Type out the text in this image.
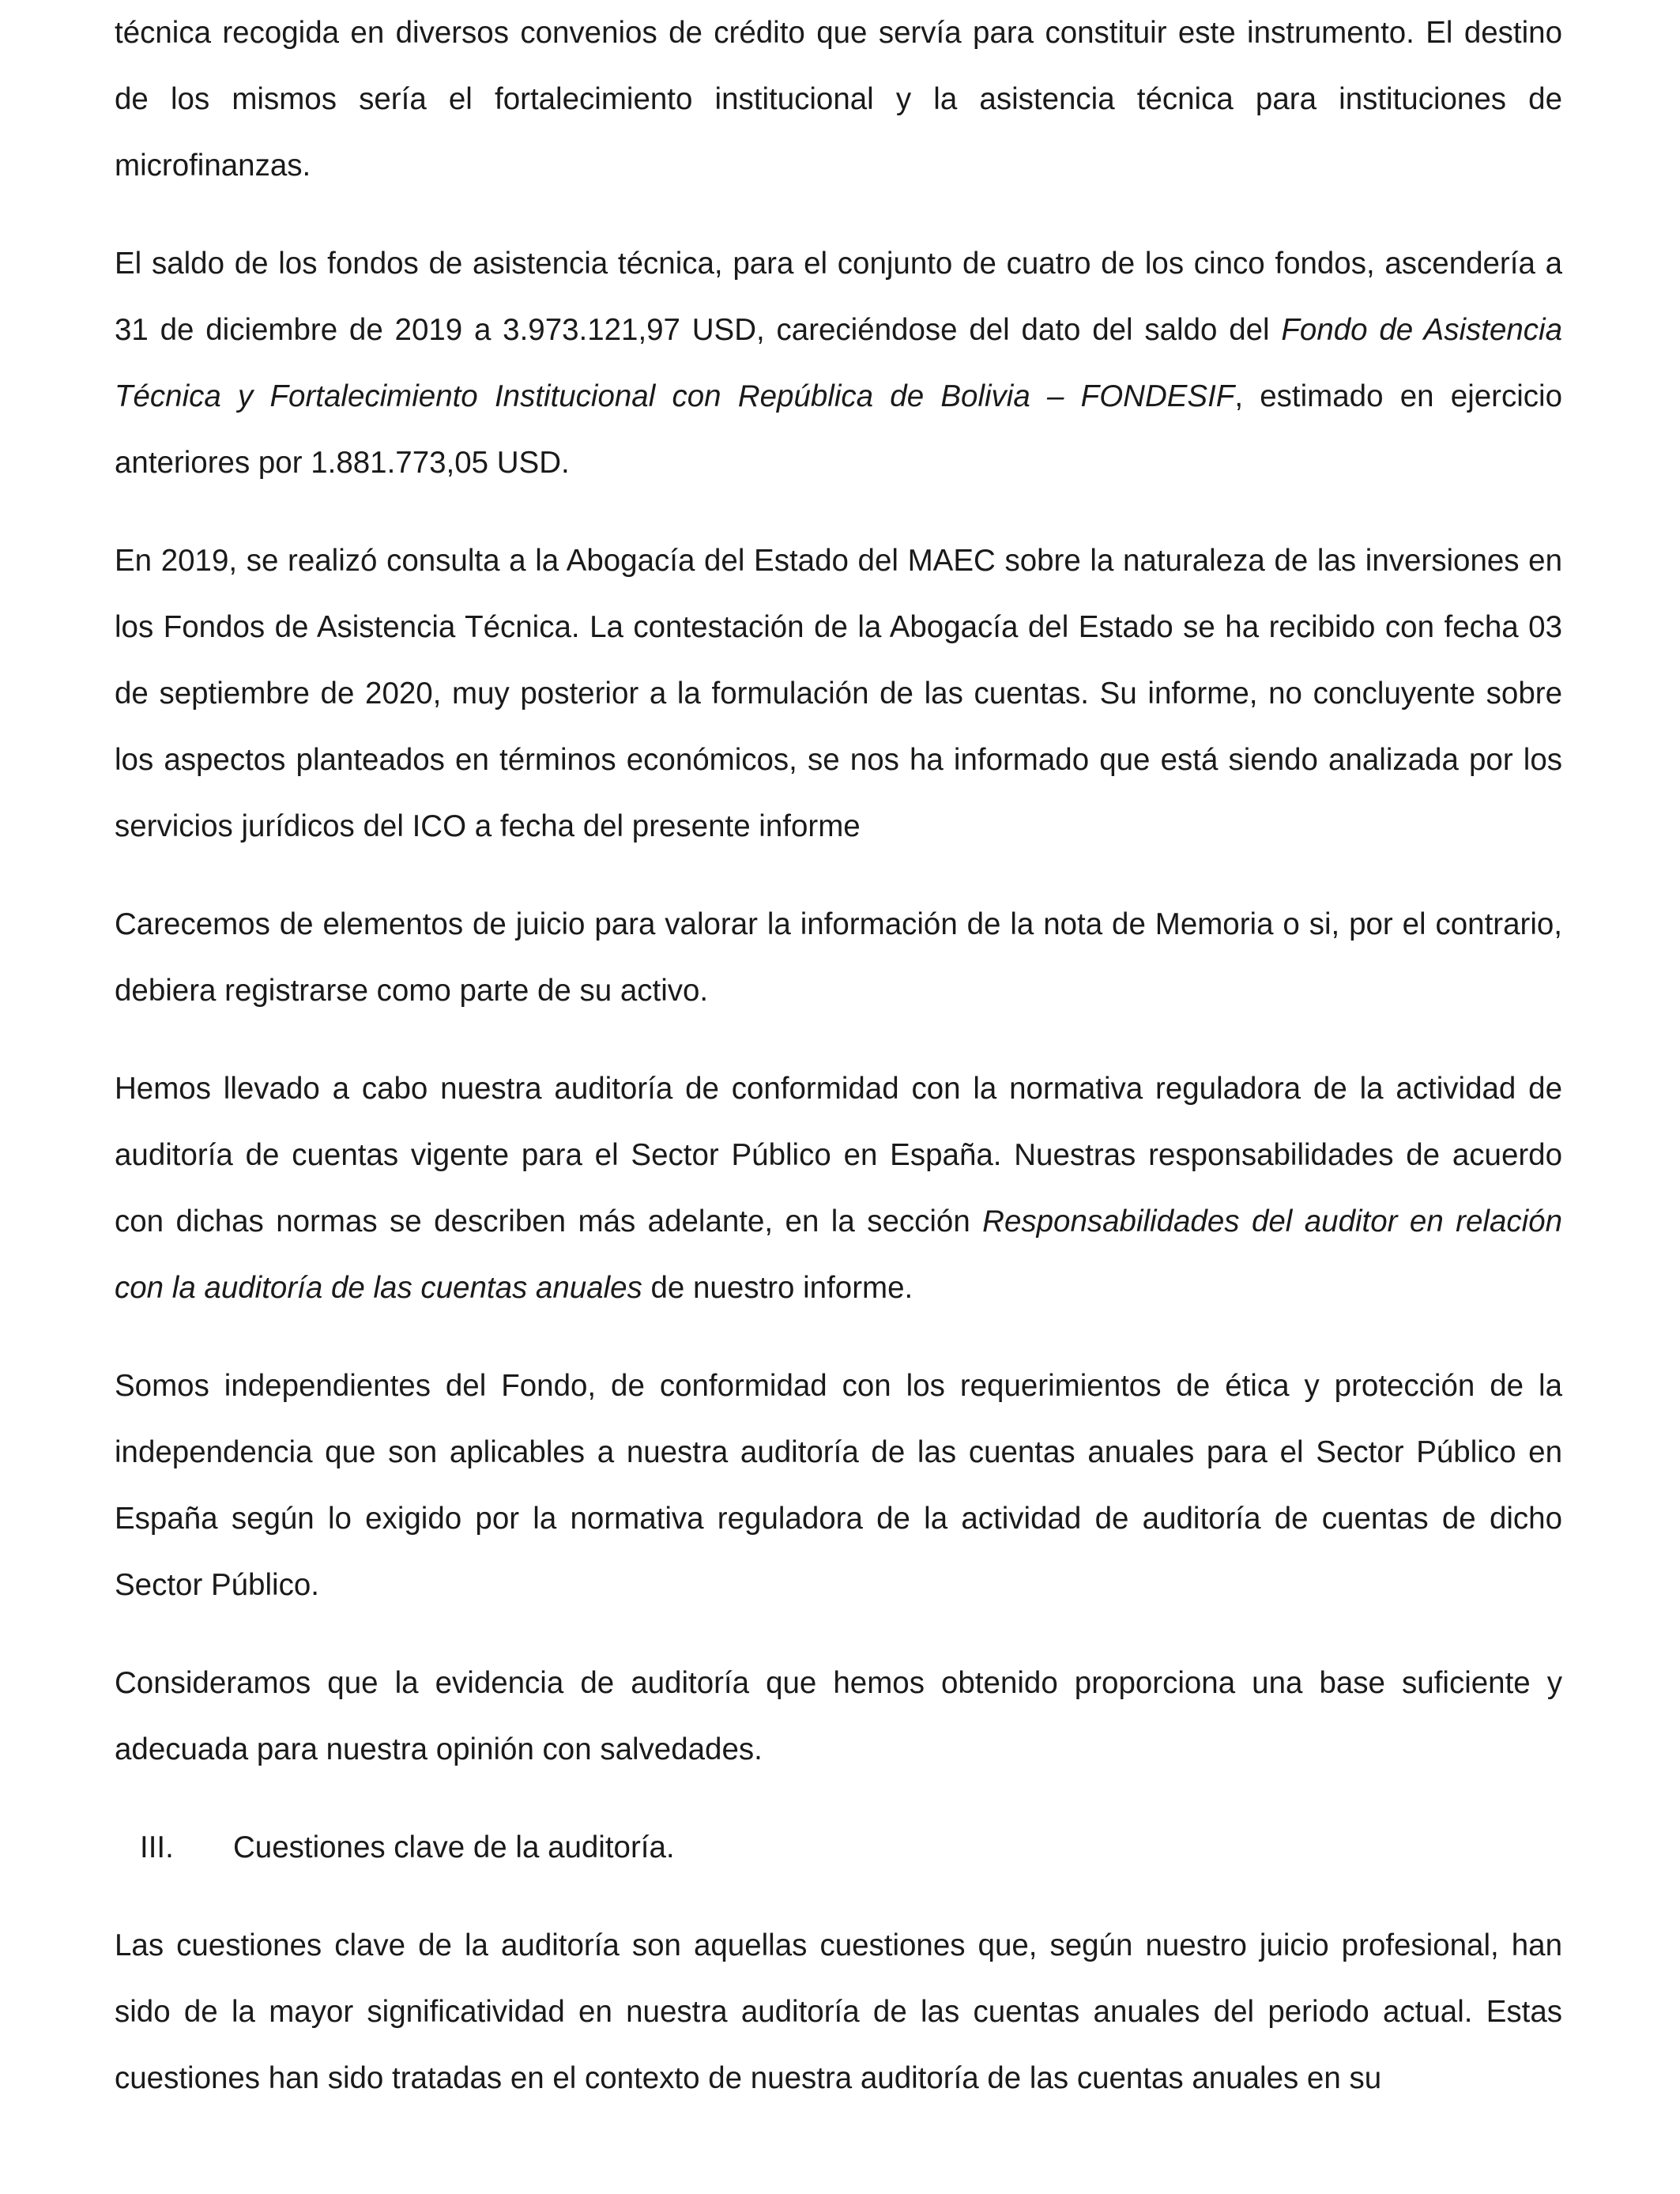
técnica recogida en diversos convenios de crédito que servía para constituir este instrumento. El destino de los mismos sería el fortalecimiento institucional y la asistencia técnica para instituciones de microfinanzas.

El saldo de los fondos de asistencia técnica, para el conjunto de cuatro de los cinco fondos, ascendería a 31 de diciembre de 2019 a 3.973.121,97 USD, careciéndose del dato del saldo del Fondo de Asistencia Técnica y Fortalecimiento Institucional con República de Bolivia – FONDESIF, estimado en ejercicio anteriores por 1.881.773,05 USD.

En 2019, se realizó consulta a la Abogacía del Estado del MAEC sobre la naturaleza de las inversiones en los Fondos de Asistencia Técnica. La contestación de la Abogacía del Estado se ha recibido con fecha 03 de septiembre de 2020, muy posterior a la formulación de las cuentas. Su informe, no concluyente sobre los aspectos planteados en términos económicos, se nos ha informado que está siendo analizada por los servicios jurídicos del ICO a fecha del presente informe

Carecemos de elementos de juicio para valorar la información de la nota de Memoria o si, por el contrario, debiera registrarse como parte de su activo.

Hemos llevado a cabo nuestra auditoría de conformidad con la normativa reguladora de la actividad de auditoría de cuentas vigente para el Sector Público en España. Nuestras responsabilidades de acuerdo con dichas normas se describen más adelante, en la sección Responsabilidades del auditor en relación con la auditoría de las cuentas anuales de nuestro informe.

Somos independientes del Fondo, de conformidad con los requerimientos de ética y protección de la independencia que son aplicables a nuestra auditoría de las cuentas anuales para el Sector Público en España según lo exigido por la normativa reguladora de la actividad de auditoría de cuentas de dicho Sector Público.

Consideramos que la evidencia de auditoría que hemos obtenido proporciona una base suficiente y adecuada para nuestra opinión con salvedades.

III. Cuestiones clave de la auditoría.

Las cuestiones clave de la auditoría son aquellas cuestiones que, según nuestro juicio profesional, han sido de la mayor significatividad en nuestra auditoría de las cuentas anuales del periodo actual. Estas cuestiones han sido tratadas en el contexto de nuestra auditoría de las cuentas anuales en su
